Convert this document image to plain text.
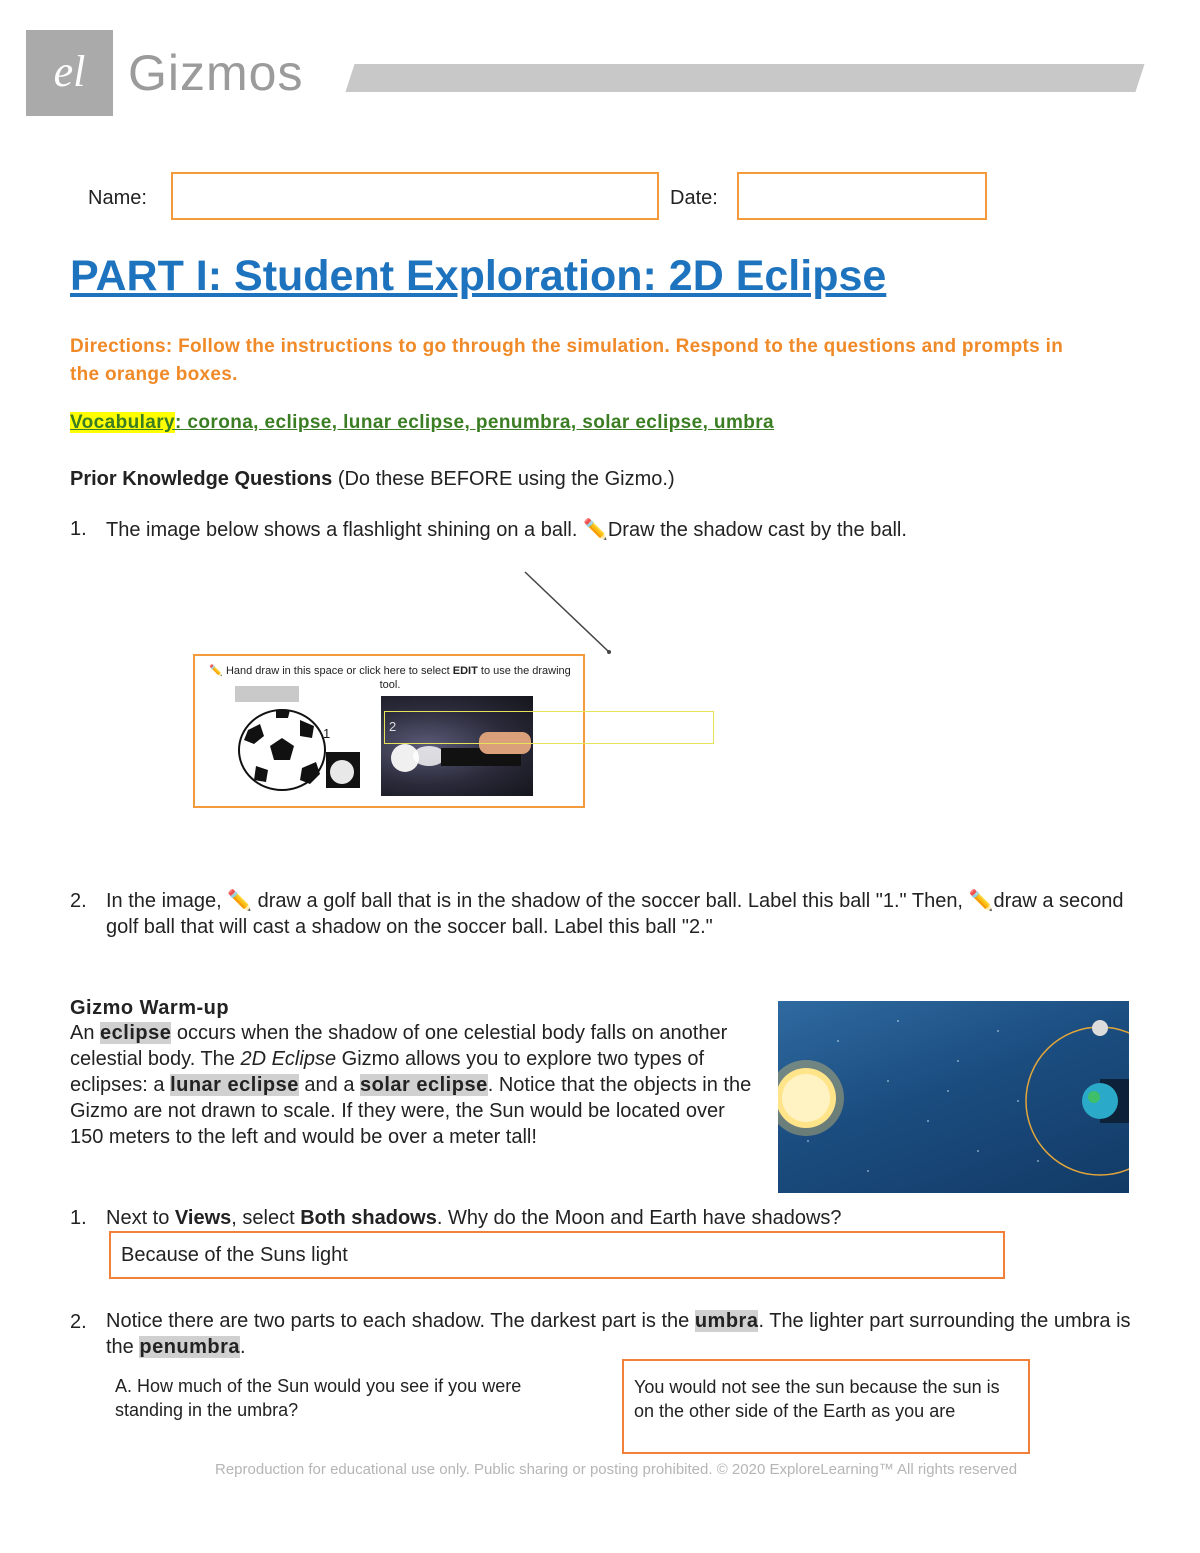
el Gizmos
Name:	Date:
PART I: Student Exploration: 2D Eclipse
Directions: Follow the instructions to go through the simulation. Respond to the questions and prompts in the orange boxes.
Vocabulary: corona, eclipse, lunar eclipse, penumbra, solar eclipse, umbra
Prior Knowledge Questions (Do these BEFORE using the Gizmo.)
1. The image below shows a flashlight shining on a ball. ✏️Draw the shadow cast by the ball.
✏️ Hand draw in this space or click here to select EDIT to use the drawing tool.
1	2
2. In the image, ✏️ draw a golf ball that is in the shadow of the soccer ball. Label this ball "1." Then, ✏️draw a second golf ball that will cast a shadow on the soccer ball. Label this ball "2."
Gizmo Warm-up
An eclipse occurs when the shadow of one celestial body falls on another celestial body. The 2D Eclipse Gizmo allows you to explore two types of eclipses: a lunar eclipse and a solar eclipse. Notice that the objects in the Gizmo are not drawn to scale. If they were, the Sun would be located over 150 meters to the left and would be over a meter tall!
1. Next to Views, select Both shadows. Why do the Moon and Earth have shadows?
Because of the Suns light
2. Notice there are two parts to each shadow. The darkest part is the umbra. The lighter part surrounding the umbra is the penumbra.
A. How much of the Sun would you see if you were standing in the umbra?
You would not see the sun because the sun is on the other side of the Earth as you are
Reproduction for educational use only. Public sharing or posting prohibited. © 2020 ExploreLearning™ All rights reserved
